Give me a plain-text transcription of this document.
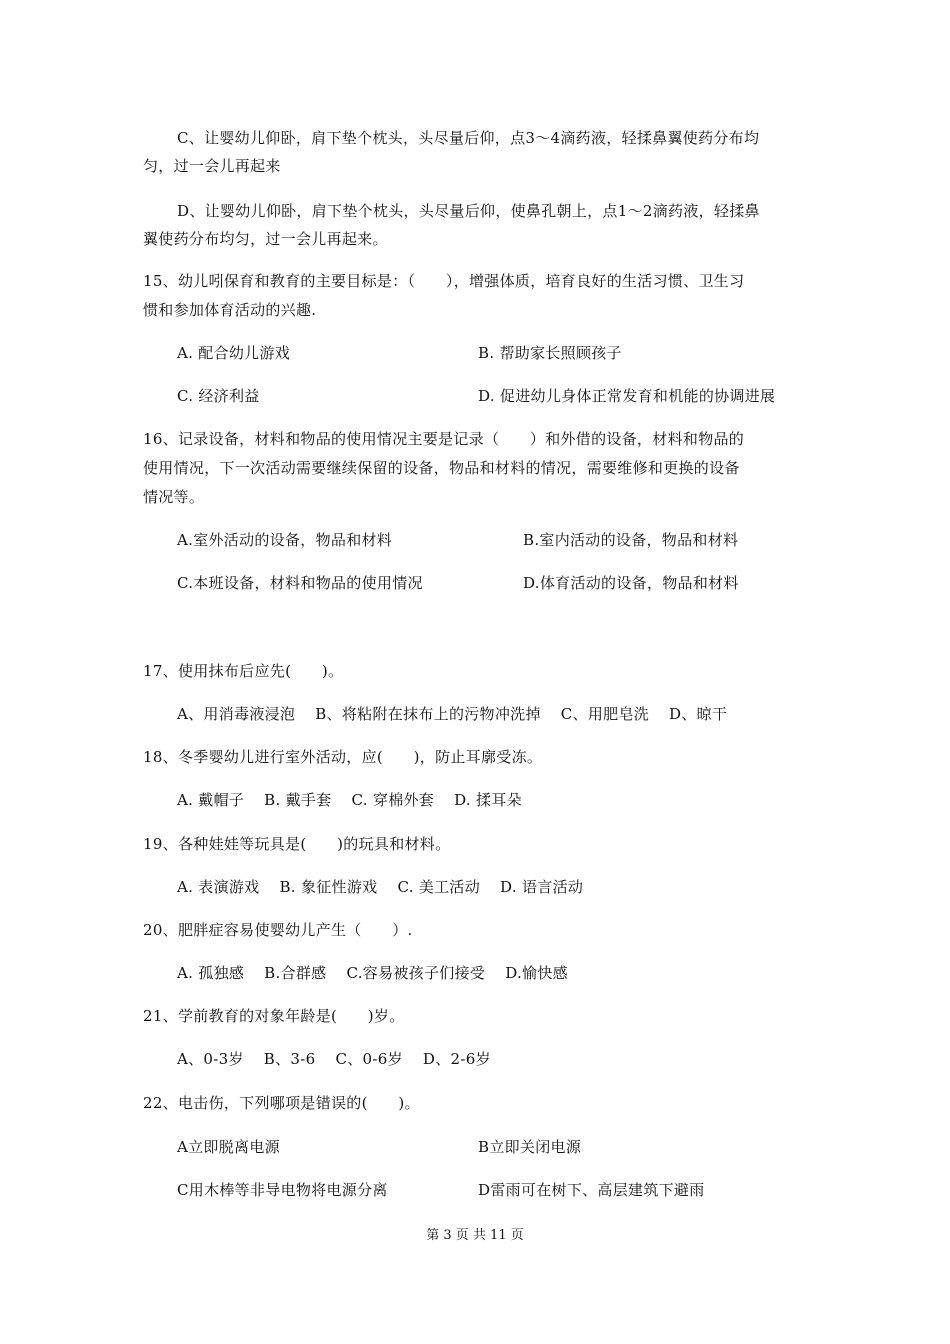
C、让婴幼儿仰卧，肩下垫个枕头，头尽量后仰，点3～4滴药液，轻揉鼻翼使药分布均
匀，过一会儿再起来
D、让婴幼儿仰卧，肩下垫个枕头，头尽量后仰，使鼻孔朝上，点1～2滴药液，轻揉鼻
翼使药分布均匀，过一会儿再起来。
15、幼儿吲保育和教育的主要目标是：（　　），增强体质，培育良好的生活习惯、卫生习
惯和参加体育活动的兴趣.
A. 配合幼儿游戏	B. 帮助家长照顾孩子
C. 经济利益	D. 促进幼儿身体正常发育和机能的协调进展
16、记录设备，材料和物品的使用情况主要是记录（　　）和外借的设备，材料和物品的
使用情况，下一次活动需要继续保留的设备，物品和材料的情况，需要维修和更换的设备
情况等。
A.室外活动的设备，物品和材料	B.室内活动的设备，物品和材料
C.本班设备，材料和物品的使用情况	D.体育活动的设备，物品和材料
17、使用抹布后应先(　　)。
A、用消毒液浸泡 B、将粘附在抹布上的污物冲洗掉 C、用肥皂洗 D、晾干
18、冬季婴幼儿进行室外活动，应(　　)，防止耳廓受冻。
A. 戴帽子 B. 戴手套 C. 穿棉外套 D. 揉耳朵
19、各种娃娃等玩具是(　　)的玩具和材料。
A. 表演游戏 B. 象征性游戏 C. 美工活动 D. 语言活动
20、肥胖症容易使婴幼儿产生（　　）.
A. 孤独感 B.合群感 C.容易被孩子们接受 D.愉快感
21、学前教育的对象年龄是(　　)岁。
A、0-3岁 B、3-6 C、0-6岁 D、2-6岁
22、电击伤，下列哪项是错误的(　　)。
A立即脱离电源	B立即关闭电源
C用木棒等非导电物将电源分离	D雷雨可在树下、高层建筑下避雨
第 3 页 共 11 页
